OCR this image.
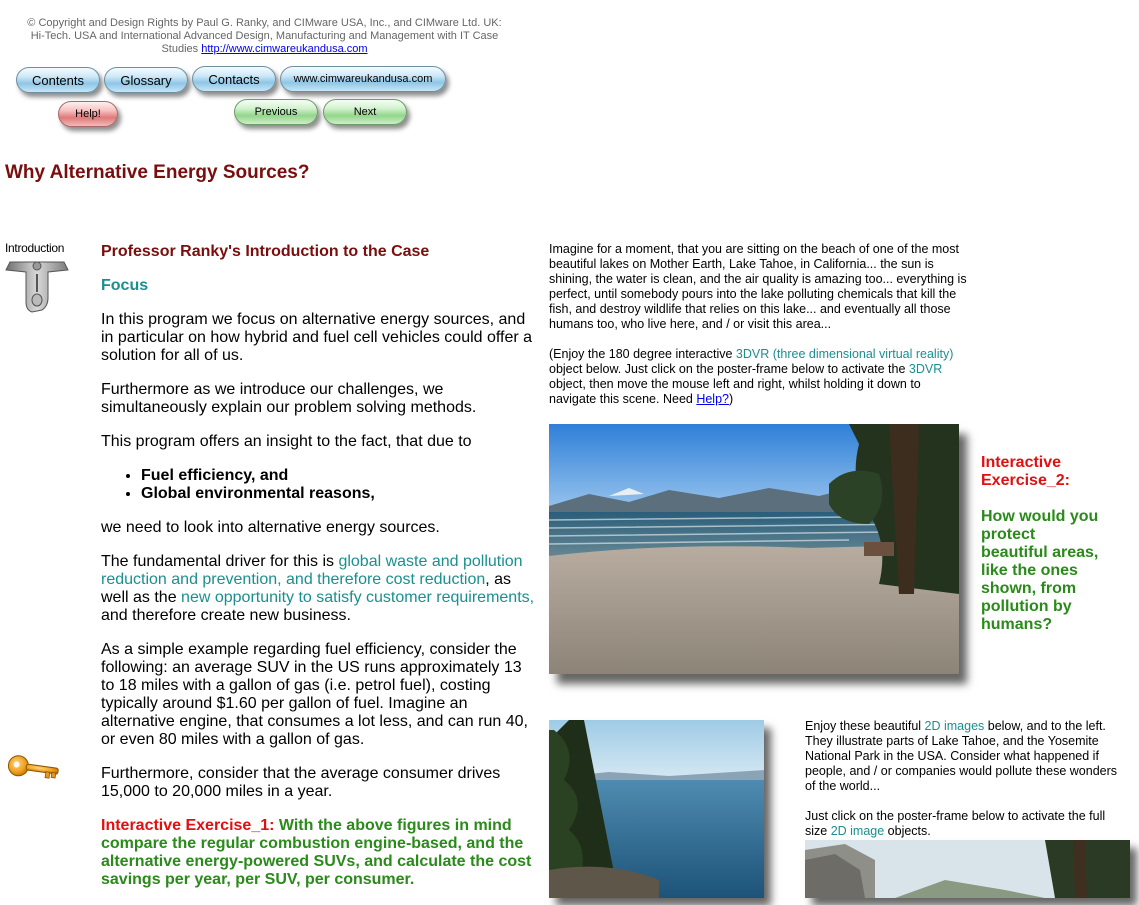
© Copyright and Design Rights by Paul G. Ranky, and CIMware USA, Inc., and CIMware Ltd. UK:
Hi-Tech. USA and International Advanced Design, Manufacturing and Management with IT Case
Studies http://www.cimwareukandusa.com
Contents	Glossary	Contacts	www.cimwareukandusa.com
Help!	Previous	Next
Why Alternative Energy Sources?
Introduction Professor Ranky's Introduction to the Case
Focus

In this program we focus on alternative energy sources, and in particular on how hybrid and fuel cell vehicles could offer a solution for all of us.

Furthermore as we introduce our challenges, we simultaneously explain our problem solving methods.

This program offers an insight to the fact, that due to

• Fuel efficiency, and
• Global environmental reasons,

we need to look into alternative energy sources.

The fundamental driver for this is global waste and pollution reduction and prevention, and therefore cost reduction, as well as the new opportunity to satisfy customer requirements, and therefore create new business.

As a simple example regarding fuel efficiency, consider the following: an average SUV in the US runs approximately 13 to 18 miles with a gallon of gas (i.e. petrol fuel), costing typically around $1.60 per gallon of fuel. Imagine an alternative engine, that consumes a lot less, and can run 40, or even 80 miles with a gallon of gas.

Furthermore, consider that the average consumer drives 15,000 to 20,000 miles in a year.

Interactive Exercise_1: With the above figures in mind compare the regular combustion engine-based, and the alternative energy-powered SUVs, and calculate the cost savings per year, per SUV, per consumer.

Imagine for a moment, that you are sitting on the beach of one of the most beautiful lakes on Mother Earth, Lake Tahoe, in California... the sun is shining, the water is clean, and the air quality is amazing too... everything is perfect, until somebody pours into the lake polluting chemicals that kill the fish, and destroy wildlife that relies on this lake... and eventually all those humans too, who live here, and / or visit this area...

(Enjoy the 180 degree interactive 3DVR (three dimensional virtual reality) object below. Just click on the poster-frame below to activate the 3DVR object, then move the mouse left and right, whilst holding it down to navigate this scene. Need Help?)

Interactive Exercise_2:
How would you protect beautiful areas, like the ones shown, from pollution by humans?

Enjoy these beautiful 2D images below, and to the left. They illustrate parts of Lake Tahoe, and the Yosemite National Park in the USA. Consider what happened if people, and / or companies would pollute these wonders of the world...

Just click on the poster-frame below to activate the full size 2D image objects.
